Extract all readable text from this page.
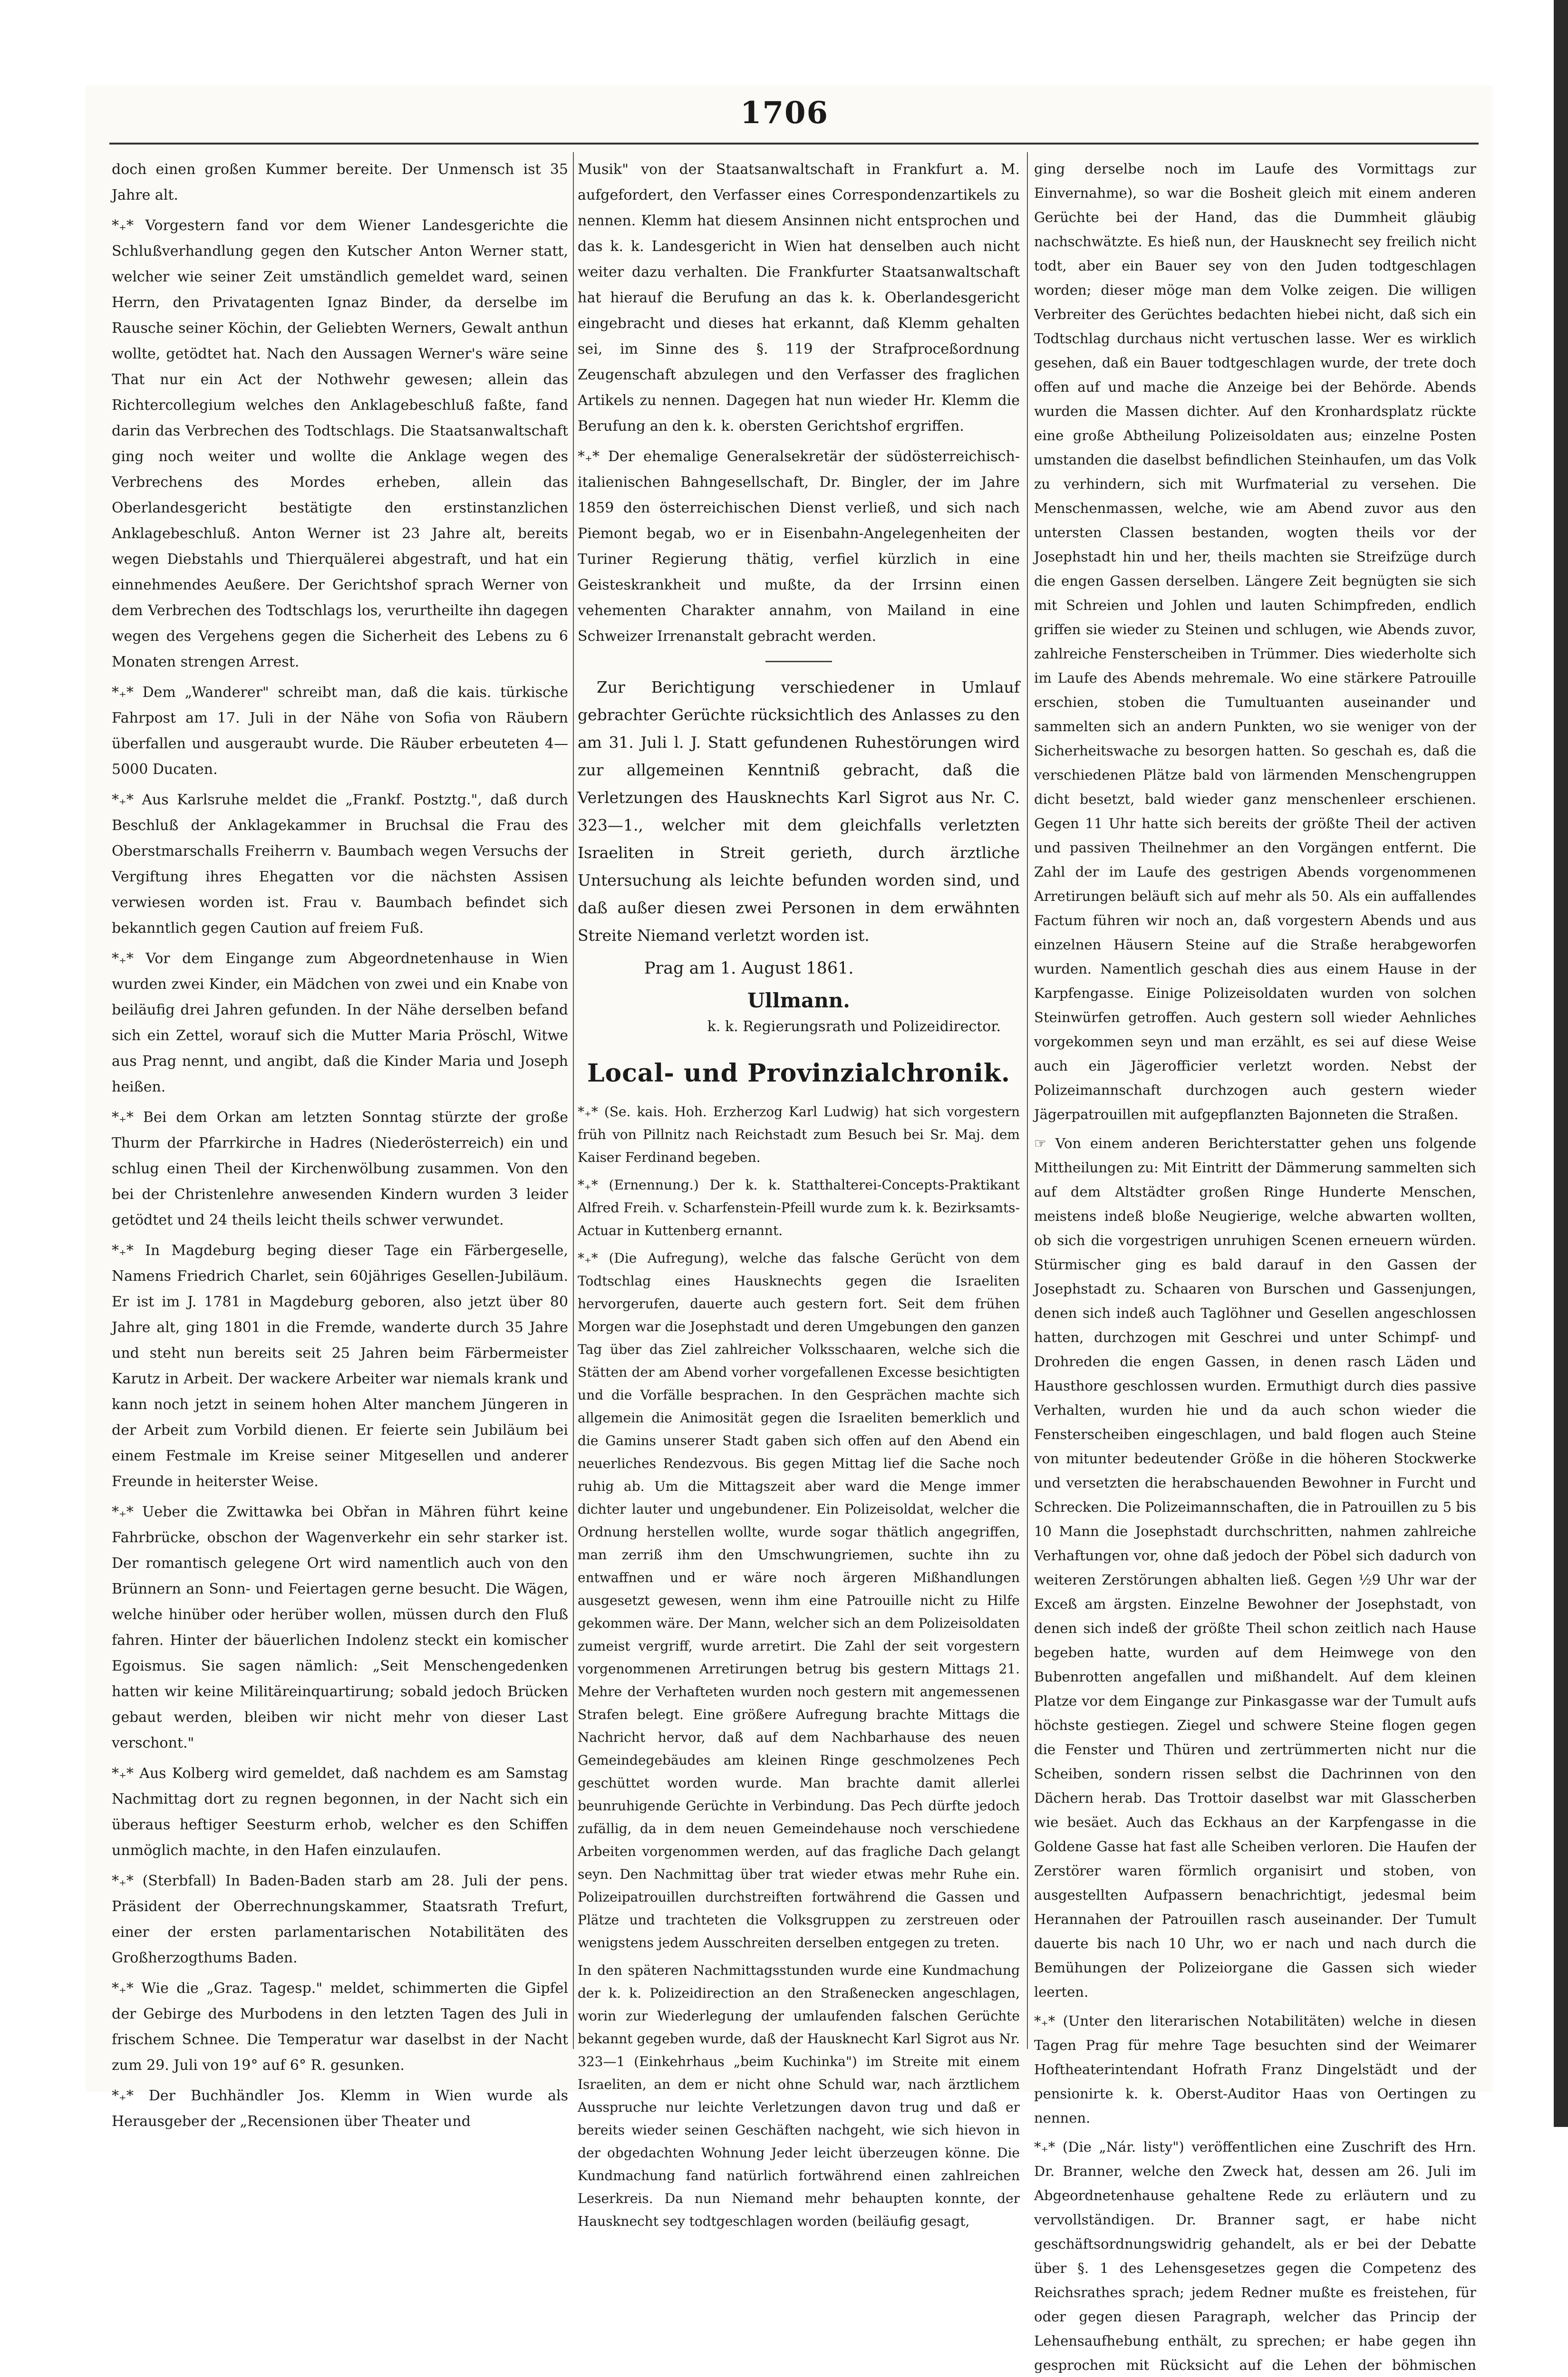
1706

doch einen großen Kummer bereite. Der Unmensch ist 35 Jahre alt.

*₊* Vorgestern fand vor dem Wiener Landesgerichte die Schlußverhandlung gegen den Kutscher Anton Werner statt, welcher wie seiner Zeit umständlich gemeldet ward, seinen Herrn, den Privatagenten Ignaz Binder, da derselbe im Rausche seiner Köchin, der Geliebten Werners, Gewalt anthun wollte, getödtet hat. Nach den Aussagen Werner's wäre seine That nur ein Act der Nothwehr gewesen; allein das Richtercollegium welches den Anklagebeschluß faßte, fand darin das Verbrechen des Todtschlags. Die Staatsanwaltschaft ging noch weiter und wollte die Anklage wegen des Verbrechens des Mordes erheben, allein das Oberlandesgericht bestätigte den erstinstanzlichen Anklagebeschluß. Anton Werner ist 23 Jahre alt, bereits wegen Diebstahls und Thierquälerei abgestraft, und hat ein einnehmendes Aeußere. Der Gerichtshof sprach Werner von dem Verbrechen des Todtschlags los, verurtheilte ihn dagegen wegen des Vergehens gegen die Sicherheit des Lebens zu 6 Monaten strengen Arrest.

*₊* Dem „Wanderer" schreibt man, daß die kais. türkische Fahrpost am 17. Juli in der Nähe von Sofia von Räubern überfallen und ausgeraubt wurde. Die Räuber erbeuteten 4—5000 Ducaten.

*₊* Aus Karlsruhe meldet die „Frankf. Postztg.", daß durch Beschluß der Anklagekammer in Bruchsal die Frau des Oberstmarschalls Freiherrn v. Baumbach wegen Versuchs der Vergiftung ihres Ehegatten vor die nächsten Assisen verwiesen worden ist. Frau v. Baumbach befindet sich bekanntlich gegen Caution auf freiem Fuß.

*₊* Vor dem Eingange zum Abgeordnetenhause in Wien wurden zwei Kinder, ein Mädchen von zwei und ein Knabe von beiläufig drei Jahren gefunden. In der Nähe derselben befand sich ein Zettel, worauf sich die Mutter Maria Pröschl, Witwe aus Prag nennt, und angibt, daß die Kinder Maria und Joseph heißen.

*₊* Bei dem Orkan am letzten Sonntag stürzte der große Thurm der Pfarrkirche in Hadres (Niederösterreich) ein und schlug einen Theil der Kirchenwölbung zusammen. Von den bei der Christenlehre anwesenden Kindern wurden 3 leider getödtet und 24 theils leicht theils schwer verwundet.

*₊* In Magdeburg beging dieser Tage ein Färbergeselle, Namens Friedrich Charlet, sein 60jähriges Gesellen-Jubiläum. Er ist im J. 1781 in Magdeburg geboren, also jetzt über 80 Jahre alt, ging 1801 in die Fremde, wanderte durch 35 Jahre und steht nun bereits seit 25 Jahren beim Färbermeister Karutz in Arbeit. Der wackere Arbeiter war niemals krank und kann noch jetzt in seinem hohen Alter manchem Jüngeren in der Arbeit zum Vorbild dienen. Er feierte sein Jubiläum bei einem Festmale im Kreise seiner Mitgesellen und anderer Freunde in heiterster Weise.

*₊* Ueber die Zwittawka bei Obřan in Mähren führt keine Fahrbrücke, obschon der Wagenverkehr ein sehr starker ist. Der romantisch gelegene Ort wird namentlich auch von den Brünnern an Sonn- und Feiertagen gerne besucht. Die Wägen, welche hinüber oder herüber wollen, müssen durch den Fluß fahren. Hinter der bäuerlichen Indolenz steckt ein komischer Egoismus. Sie sagen nämlich: „Seit Menschengedenken hatten wir keine Militäreinquartirung; sobald jedoch Brücken gebaut werden, bleiben wir nicht mehr von dieser Last verschont."

*₊* Aus Kolberg wird gemeldet, daß nachdem es am Samstag Nachmittag dort zu regnen begonnen, in der Nacht sich ein überaus heftiger Seesturm erhob, welcher es den Schiffen unmöglich machte, in den Hafen einzulaufen.

*₊* (Sterbfall) In Baden-Baden starb am 28. Juli der pens. Präsident der Oberrechnungskammer, Staatsrath Trefurt, einer der ersten parlamentarischen Notabilitäten des Großherzogthums Baden.

*₊* Wie die „Graz. Tagesp." meldet, schimmerten die Gipfel der Gebirge des Murbodens in den letzten Tagen des Juli in frischem Schnee. Die Temperatur war daselbst in der Nacht zum 29. Juli von 19° auf 6° R. gesunken.

*₊* Der Buchhändler Jos. Klemm in Wien wurde als Herausgeber der „Recensionen über Theater und

Musik" von der Staatsanwaltschaft in Frankfurt a. M. aufgefordert, den Verfasser eines Correspondenzartikels zu nennen. Klemm hat diesem Ansinnen nicht entsprochen und das k. k. Landesgericht in Wien hat denselben auch nicht weiter dazu verhalten. Die Frankfurter Staatsanwaltschaft hat hierauf die Berufung an das k. k. Oberlandesgericht eingebracht und dieses hat erkannt, daß Klemm gehalten sei, im Sinne des §. 119 der Strafproceßordnung Zeugenschaft abzulegen und den Verfasser des fraglichen Artikels zu nennen. Dagegen hat nun wieder Hr. Klemm die Berufung an den k. k. obersten Gerichtshof ergriffen.

*₊* Der ehemalige Generalsekretär der südösterreichisch-italienischen Bahngesellschaft, Dr. Bingler, der im Jahre 1859 den österreichischen Dienst verließ, und sich nach Piemont begab, wo er in Eisenbahn-Angelegenheiten der Turiner Regierung thätig, verfiel kürzlich in eine Geisteskrankheit und mußte, da der Irrsinn einen vehementen Charakter annahm, von Mailand in eine Schweizer Irrenanstalt gebracht werden.

Zur Berichtigung verschiedener in Umlauf gebrachter Gerüchte rücksichtlich des Anlasses zu den am 31. Juli l. J. Statt gefundenen Ruhestörungen wird zur allgemeinen Kenntniß gebracht, daß die Verletzungen des Hausknechts Karl Sigrot aus Nr. C. 323—1., welcher mit dem gleichfalls verletzten Israeliten in Streit gerieth, durch ärztliche Untersuchung als leichte befunden worden sind, und daß außer diesen zwei Personen in dem erwähnten Streite Niemand verletzt worden ist.

Prag am 1. August 1861.
Ullmann.
k. k. Regierungsrath und Polizeidirector.
Local- und Provinzialchronik.

*₊* (Se. kais. Hoh. Erzherzog Karl Ludwig) hat sich vorgestern früh von Pillnitz nach Reichstadt zum Besuch bei Sr. Maj. dem Kaiser Ferdinand begeben.

*₊* (Ernennung.) Der k. k. Statthalterei-Concepts-Praktikant Alfred Freih. v. Scharfenstein-Pfeill wurde zum k. k. Bezirksamts-Actuar in Kuttenberg ernannt.

*₊* (Die Aufregung), welche das falsche Gerücht von dem Todtschlag eines Hausknechts gegen die Israeliten hervorgerufen, dauerte auch gestern fort. Seit dem frühen Morgen war die Josephstadt und deren Umgebungen den ganzen Tag über das Ziel zahlreicher Volksschaaren, welche sich die Stätten der am Abend vorher vorgefallenen Excesse besichtigten und die Vorfälle besprachen. In den Gesprächen machte sich allgemein die Animosität gegen die Israeliten bemerklich und die Gamins unserer Stadt gaben sich offen auf den Abend ein neuerliches Rendezvous. Bis gegen Mittag lief die Sache noch ruhig ab. Um die Mittagszeit aber ward die Menge immer dichter lauter und ungebundener. Ein Polizeisoldat, welcher die Ordnung herstellen wollte, wurde sogar thätlich angegriffen, man zerriß ihm den Umschwungriemen, suchte ihn zu entwaffnen und er wäre noch ärgeren Mißhandlungen ausgesetzt gewesen, wenn ihm eine Patrouille nicht zu Hilfe gekommen wäre. Der Mann, welcher sich an dem Polizeisoldaten zumeist vergriff, wurde arretirt. Die Zahl der seit vorgestern vorgenommenen Arretirungen betrug bis gestern Mittags 21. Mehre der Verhafteten wurden noch gestern mit angemessenen Strafen belegt. Eine größere Aufregung brachte Mittags die Nachricht hervor, daß auf dem Nachbarhause des neuen Gemeindegebäudes am kleinen Ringe geschmolzenes Pech geschüttet worden wurde. Man brachte damit allerlei beunruhigende Gerüchte in Verbindung. Das Pech dürfte jedoch zufällig, da in dem neuen Gemeindehause noch verschiedene Arbeiten vorgenommen werden, auf das fragliche Dach gelangt seyn. Den Nachmittag über trat wieder etwas mehr Ruhe ein. Polizeipatrouillen durchstreiften fortwährend die Gassen und Plätze und trachteten die Volksgruppen zu zerstreuen oder wenigstens jedem Ausschreiten derselben entgegen zu treten.

In den späteren Nachmittagsstunden wurde eine Kundmachung der k. k. Polizeidirection an den Straßenecken angeschlagen, worin zur Wiederlegung der umlaufenden falschen Gerüchte bekannt gegeben wurde, daß der Hausknecht Karl Sigrot aus Nr. 323—1 (Einkehrhaus „beim Kuchinka") im Streite mit einem Israeliten, an dem er nicht ohne Schuld war, nach ärztlichem Ausspruche nur leichte Verletzungen davon trug und daß er bereits wieder seinen Geschäften nachgeht, wie sich hievon in der obgedachten Wohnung Jeder leicht überzeugen könne. Die Kundmachung fand natürlich fortwährend einen zahlreichen Leserkreis. Da nun Niemand mehr behaupten konnte, der Hausknecht sey todtgeschlagen worden (beiläufig gesagt,

ging derselbe noch im Laufe des Vormittags zur Einvernahme), so war die Bosheit gleich mit einem anderen Gerüchte bei der Hand, das die Dummheit gläubig nachschwätzte. Es hieß nun, der Hausknecht sey freilich nicht todt, aber ein Bauer sey von den Juden todtgeschlagen worden; dieser möge man dem Volke zeigen. Die willigen Verbreiter des Gerüchtes bedachten hiebei nicht, daß sich ein Todtschlag durchaus nicht vertuschen lasse. Wer es wirklich gesehen, daß ein Bauer todtgeschlagen wurde, der trete doch offen auf und mache die Anzeige bei der Behörde. Abends wurden die Massen dichter. Auf den Kronhardsplatz rückte eine große Abtheilung Polizeisoldaten aus; einzelne Posten umstanden die daselbst befindlichen Steinhaufen, um das Volk zu verhindern, sich mit Wurfmaterial zu versehen. Die Menschenmassen, welche, wie am Abend zuvor aus den untersten Classen bestanden, wogten theils vor der Josephstadt hin und her, theils machten sie Streifzüge durch die engen Gassen derselben. Längere Zeit begnügten sie sich mit Schreien und Johlen und lauten Schimpfreden, endlich griffen sie wieder zu Steinen und schlugen, wie Abends zuvor, zahlreiche Fensterscheiben in Trümmer. Dies wiederholte sich im Laufe des Abends mehremale. Wo eine stärkere Patrouille erschien, stoben die Tumultuanten auseinander und sammelten sich an andern Punkten, wo sie weniger von der Sicherheitswache zu besorgen hatten. So geschah es, daß die verschiedenen Plätze bald von lärmenden Menschengruppen dicht besetzt, bald wieder ganz menschenleer erschienen. Gegen 11 Uhr hatte sich bereits der größte Theil der activen und passiven Theilnehmer an den Vorgängen entfernt. Die Zahl der im Laufe des gestrigen Abends vorgenommenen Arretirungen beläuft sich auf mehr als 50. Als ein auffallendes Factum führen wir noch an, daß vorgestern Abends und aus einzelnen Häusern Steine auf die Straße herabgeworfen wurden. Namentlich geschah dies aus einem Hause in der Karpfengasse. Einige Polizeisoldaten wurden von solchen Steinwürfen getroffen. Auch gestern soll wieder Aehnliches vorgekommen seyn und man erzählt, es sei auf diese Weise auch ein Jägerofficier verletzt worden. Nebst der Polizeimannschaft durchzogen auch gestern wieder Jägerpatrouillen mit aufgepflanzten Bajonneten die Straßen.

☞ Von einem anderen Berichterstatter gehen uns folgende Mittheilungen zu: Mit Eintritt der Dämmerung sammelten sich auf dem Altstädter großen Ringe Hunderte Menschen, meistens indeß bloße Neugierige, welche abwarten wollten, ob sich die vorgestrigen unruhigen Scenen erneuern würden. Stürmischer ging es bald darauf in den Gassen der Josephstadt zu. Schaaren von Burschen und Gassenjungen, denen sich indeß auch Taglöhner und Gesellen angeschlossen hatten, durchzogen mit Geschrei und unter Schimpf- und Drohreden die engen Gassen, in denen rasch Läden und Hausthore geschlossen wurden. Ermuthigt durch dies passive Verhalten, wurden hie und da auch schon wieder die Fensterscheiben eingeschlagen, und bald flogen auch Steine von mitunter bedeutender Größe in die höheren Stockwerke und versetzten die herabschauenden Bewohner in Furcht und Schrecken. Die Polizeimannschaften, die in Patrouillen zu 5 bis 10 Mann die Josephstadt durchschritten, nahmen zahlreiche Verhaftungen vor, ohne daß jedoch der Pöbel sich dadurch von weiteren Zerstörungen abhalten ließ. Gegen ½9 Uhr war der Exceß am ärgsten. Einzelne Bewohner der Josephstadt, von denen sich indeß der größte Theil schon zeitlich nach Hause begeben hatte, wurden auf dem Heimwege von den Bubenrotten angefallen und mißhandelt. Auf dem kleinen Platze vor dem Eingange zur Pinkasgasse war der Tumult aufs höchste gestiegen. Ziegel und schwere Steine flogen gegen die Fenster und Thüren und zertrümmerten nicht nur die Scheiben, sondern rissen selbst die Dachrinnen von den Dächern herab. Das Trottoir daselbst war mit Glasscherben wie besäet. Auch das Eckhaus an der Karpfengasse in die Goldene Gasse hat fast alle Scheiben verloren. Die Haufen der Zerstörer waren förmlich organisirt und stoben, von ausgestellten Aufpassern benachrichtigt, jedesmal beim Herannahen der Patrouillen rasch auseinander. Der Tumult dauerte bis nach 10 Uhr, wo er nach und nach durch die Bemühungen der Polizeiorgane die Gassen sich wieder leerten.

*₊* (Unter den literarischen Notabilitäten) welche in diesen Tagen Prag für mehre Tage besuchten sind der Weimarer Hoftheaterintendant Hofrath Franz Dingelstädt und der pensionirte k. k. Oberst-Auditor Haas von Oertingen zu nennen.

*₊* (Die „Nár. listy") veröffentlichen eine Zuschrift des Hrn. Dr. Branner, welche den Zweck hat, dessen am 26. Juli im Abgeordnetenhause gehaltene Rede zu erläutern und zu vervollständigen. Dr. Branner sagt, er habe nicht geschäftsordnungswidrig gehandelt, als er bei der Debatte über §. 1 des Lehensgesetzes gegen die Competenz des Reichsrathes sprach; jedem Redner mußte es freistehen, für oder gegen diesen Paragraph, welcher das Princip der Lehensaufhebung enthält, zu sprechen; er habe gegen ihn gesprochen mit Rücksicht auf die Lehen der böhmischen
